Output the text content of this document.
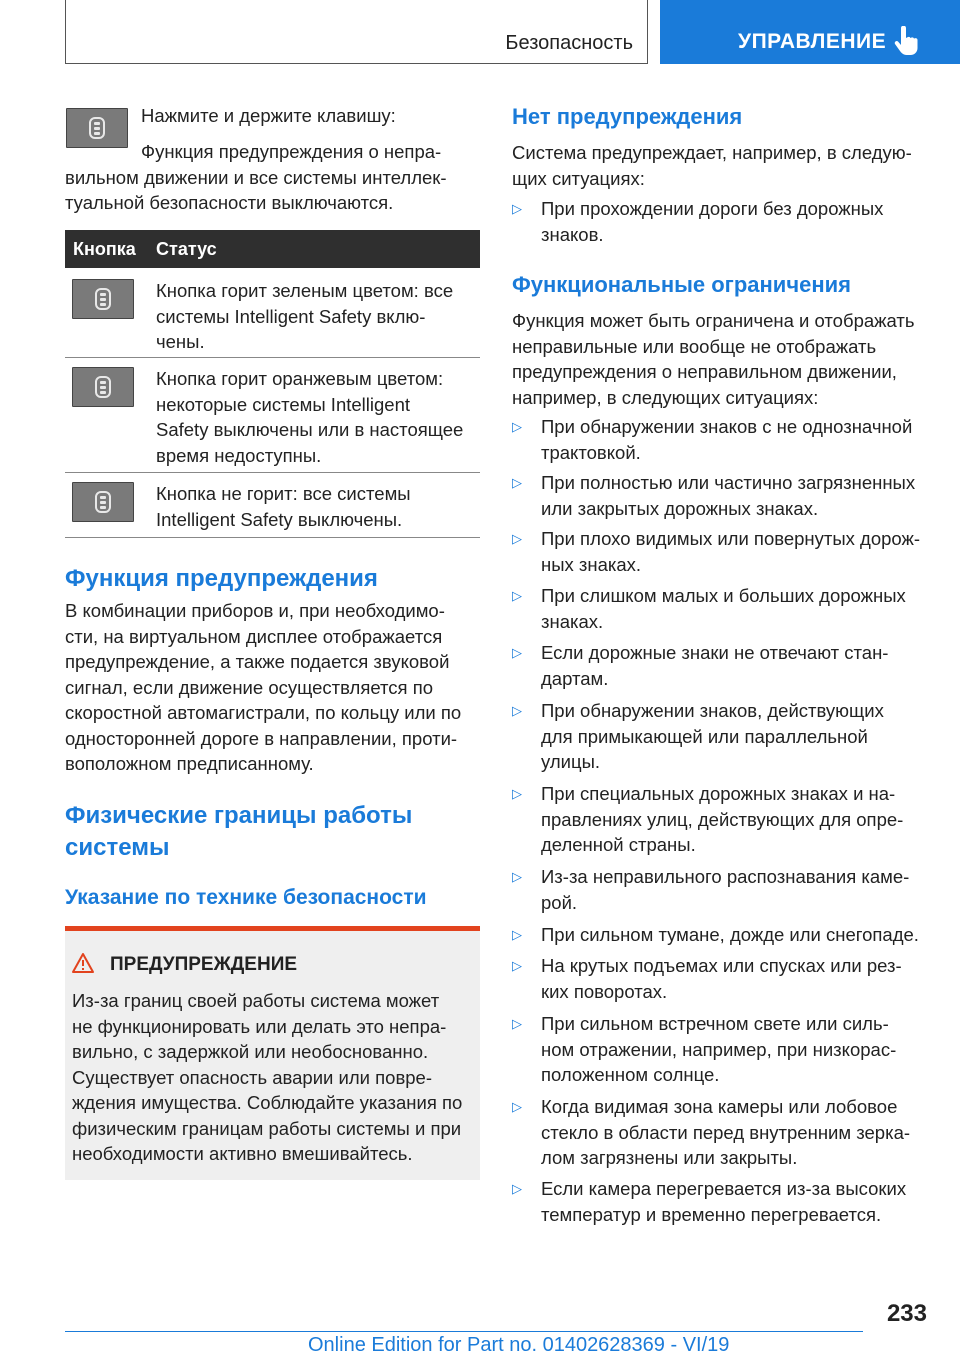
Безопасность	УПРАВЛЕНИЕ
Нажмите и держите клавишу:
Функция предупреждения о непра-
вильном движении и все системы интеллек-
туальной безопасности выключаются.
Кнопка Статус
Кнопка горит зеленым цветом: все
системы Intelligent Safety вклю-
чены.
Кнопка горит оранжевым цветом:
некоторые системы Intelligent
Safety выключены или в настоящее
время недоступны.
Кнопка не горит: все системы
Intelligent Safety выключены.
Функция предупреждения
В комбинации приборов и, при необходимо-
сти, на виртуальном дисплее отображается
предупреждение, а также подается звуковой
сигнал, если движение осуществляется по
скоростной автомагистрали, по кольцу или по
односторонней дороге в направлении, проти-
воположном предписанному.
Физические границы работы
системы
Указание по технике безопасности
ПРЕДУПРЕЖДЕНИЕ
Из-за границ своей работы система может
не функционировать или делать это непра-
вильно, с задержкой или необоснованно.
Существует опасность аварии или повре-
ждения имущества. Соблюдайте указания по
физическим границам работы системы и при
необходимости активно вмешивайтесь.
Нет предупреждения
Система предупреждает, например, в следую-
щих ситуациях:
▷ При прохождении дороги без дорожных
знаков.
Функциональные ограничения
Функция может быть ограничена и отображать
неправильные или вообще не отображать
предупреждения о неправильном движении,
например, в следующих ситуациях:
▷ При обнаружении знаков с не однозначной
трактовкой.
▷ При полностью или частично загрязненных
или закрытых дорожных знаках.
▷ При плохо видимых или повернутых дорож-
ных знаках.
▷ При слишком малых и больших дорожных
знаках.
▷ Если дорожные знаки не отвечают стан-
дартам.
▷ При обнаружении знаков, действующих
для примыкающей или параллельной
улицы.
▷ При специальных дорожных знаках и на-
правлениях улиц, действующих для опре-
деленной страны.
▷ Из-за неправильного распознавания каме-
рой.
▷ При сильном тумане, дожде или снегопаде.
▷ На крутых подъемах или спусках или рез-
ких поворотах.
▷ При сильном встречном свете или силь-
ном отражении, например, при низкорас-
положенном солнце.
▷ Когда видимая зона камеры или лобовое
стекло в области перед внутренним зерка-
лом загрязнены или закрыты.
▷ Если камера перегревается из-за высоких
температур и временно перегревается.
233
Online Edition for Part no. 01402628369 - VI/19
